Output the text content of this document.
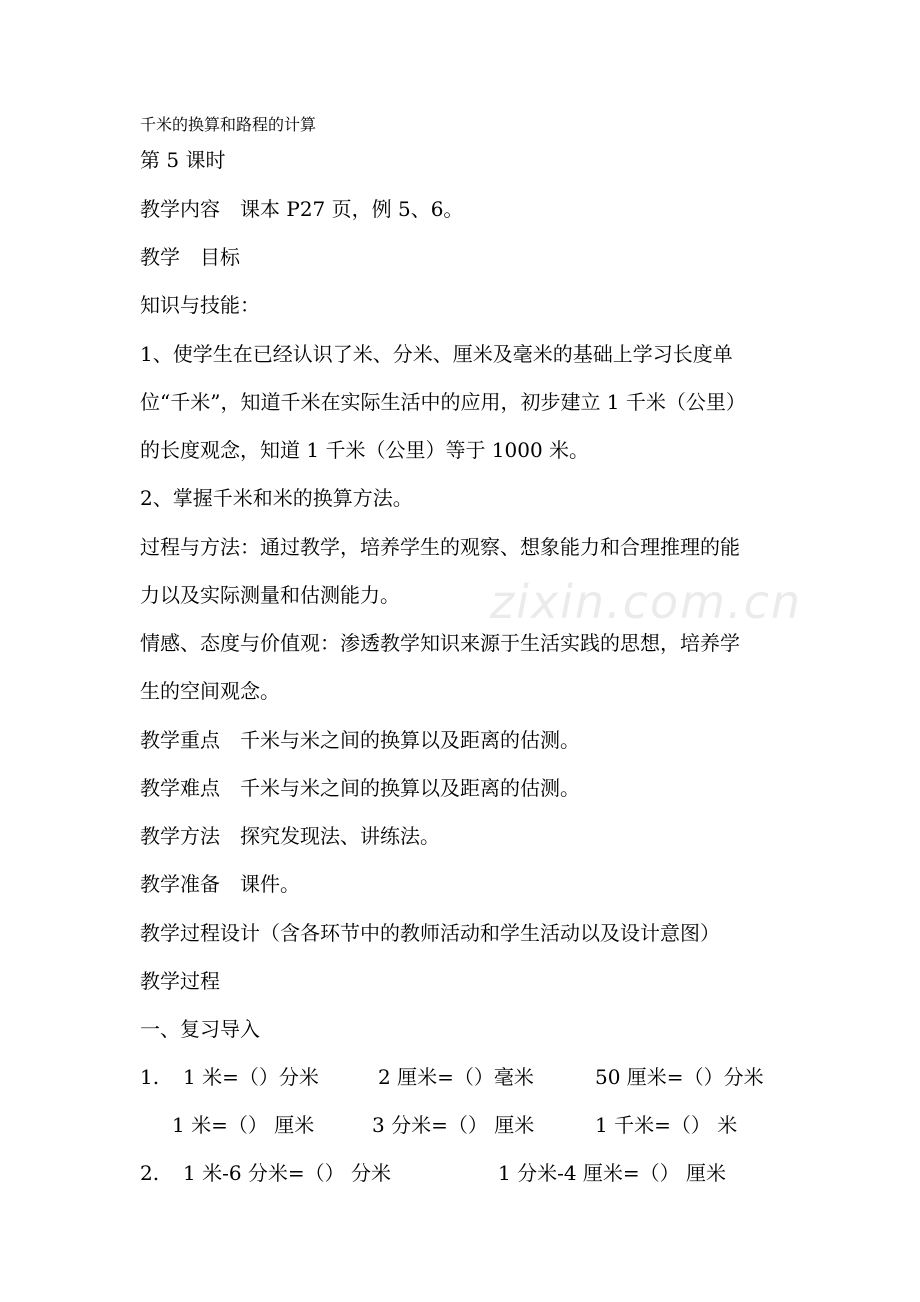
千米的换算和路程的计算
第 5 课时
教学内容　课本 P27 页，例 5、6。
教学　目标
知识与技能：
1、使学生在已经认识了米、分米、厘米及毫米的基础上学习长度单
位“千米”，知道千米在实际生活中的应用，初步建立 1 千米（公里）
的长度观念，知道 1 千米（公里）等于 1000 米。
2、掌握千米和米的换算方法。
过程与方法：通过教学，培养学生的观察、想象能力和合理推理的能
力以及实际测量和估测能力。
情感、态度与价值观：渗透教学知识来源于生活实践的思想，培养学
生的空间观念。
教学重点　千米与米之间的换算以及距离的估测。
教学难点　千米与米之间的换算以及距离的估测。
教学方法　探究发现法、讲练法。
教学准备　课件。
教学过程设计（含各环节中的教师活动和学生活动以及设计意图）
教学过程
一、复习导入
1. 1 米=（）分米	2 厘米=（）毫米	50 厘米=（）分米
1 米=（） 厘米	3 分米=（） 厘米	1 千米=（） 米
2. 1 米-6 分米=（） 分米	1 分米-4 厘米=（） 厘米
zixin.com.cn
